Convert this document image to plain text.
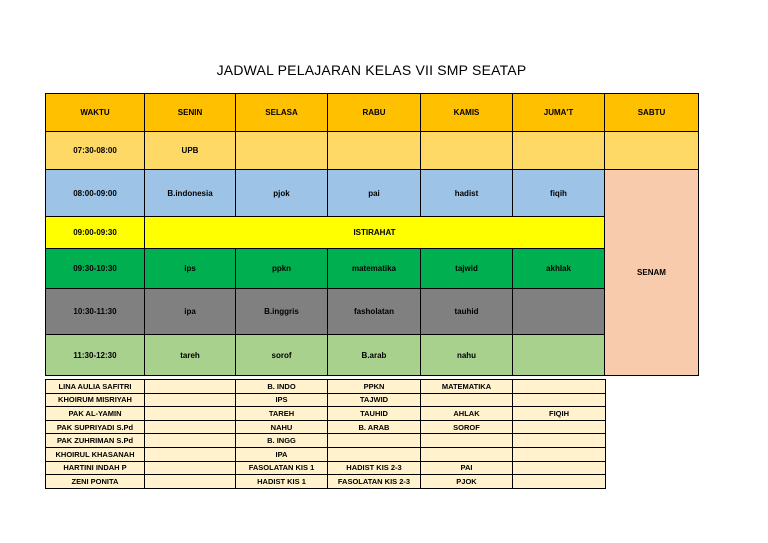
JADWAL PELAJARAN KELAS VII SMP SEATAP
WAKTU	SENIN	SELASA	RABU	KAMIS	JUMA'T	SABTU
07:30-08:00	UPB					
08:00-09:00	B.indonesia	pjok	pai	hadist	fiqih	SENAM
09:00-09:30	ISTIRAHAT					
09:30-10:30	ips	ppkn	matematika	tajwid	akhlak	
10:30-11:30	ipa	B.inggris	fasholatan	tauhid		
11:30-12:30	tareh	sorof	B.arab	nahu		
LINA AULIA SAFITRI		B. INDO	PPKN	MATEMATIKA	
KHOIRUM MISRIYAH		IPS	TAJWID		
PAK AL-YAMIN		TAREH	TAUHID	AHLAK	FIQIH
PAK SUPRIYADI S.Pd		NAHU	B. ARAB	SOROF	
PAK ZUHRIMAN S.Pd		B. INGG			
KHOIRUL KHASANAH		IPA			
HARTINI INDAH P		FASOLATAN KIS 1	HADIST KIS 2-3	PAI	
ZENI PONITA		HADIST KIS 1	FASOLATAN KIS 2-3	PJOK	
